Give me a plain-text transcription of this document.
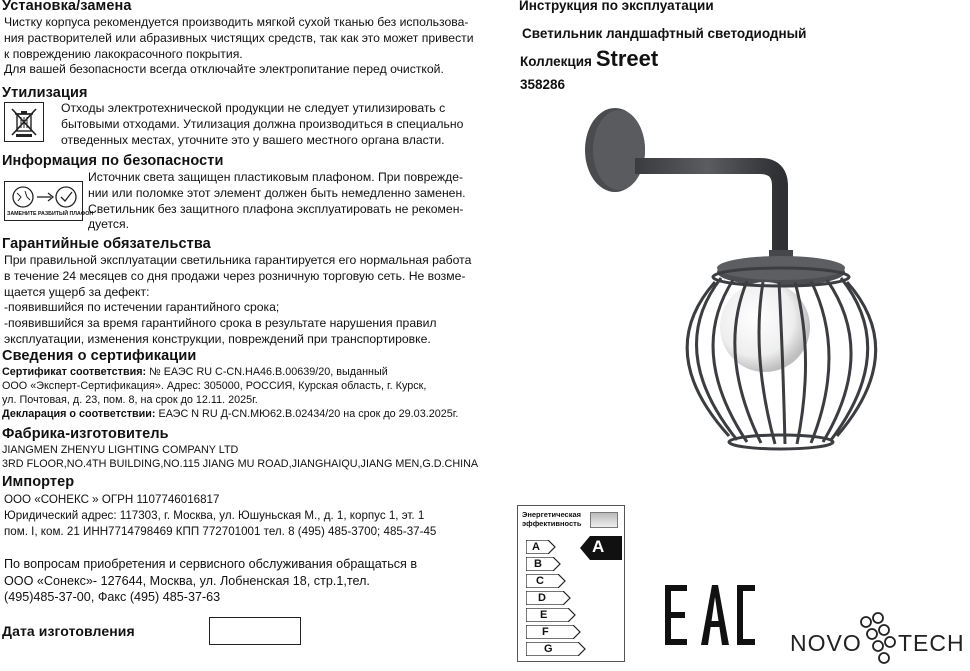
Установка/замена
Чистку корпуса рекомендуется производить мягкой сухой тканью без использова-
ния растворителей или абразивных чистящих средств, так как это может привести
к повреждению лакокрасочного покрытия.
Для вашей безопасности всегда отключайте электропитание перед очисткой.
Утилизация
Отходы электротехнической продукции не следует утилизировать с
бытовыми отходами. Утилизация должна производиться в специально
отведенных местах, уточните это у вашего местного органа власти.
Информация по безопасности
ЗАМЕНИТЕ РАЗБИТЫЙ ПЛАФОН
Источник света защищен пластиковым плафоном. При поврежде-
нии или поломке этот элемент должен быть немедленно заменен.
Светильник без защитного плафона эксплуатировать не рекомен-
дуется.
Гарантийные обязательства
При правильной эксплуатации светильника гарантируется его нормальная работа
в течение 24 месяцев со дня продажи через розничную торговую сеть. Не возме-
щается ущерб за дефект:
-появившийся по истечении гарантийного срока;
-появившийся за время гарантийного срока в результате нарушения правил
эксплуатации, изменения конструкции, повреждений при транспортировке.
Сведения о сертификации
Сертификат соответствия: № ЕАЭС RU C-CN.HA46.B.00639/20, выданный
ООО «Эксперт-Сертификация». Адрес: 305000, РОССИЯ, Курская область, г. Курск,
ул. Почтовая, д. 23, пом. 8, на срок до 12.11. 2025г.
Декларация о соответствии: ЕАЭС N RU Д-CN.МЮ62.В.02434/20 на срок до 29.03.2025г.
Фабрика-изготовитель
JIANGMEN ZHENYU LIGHTING COMPANY LTD
3RD FLOOR,NO.4TH BUILDING,NO.115 JIANG MU ROAD,JIANGHAIQU,JIANG MEN,G.D.CHINA
Импортер
ООО «СОНЕКС » ОГРН 1107746016817
Юридический адрес: 117303, г. Москва, ул. Юшуньская М., д. 1, корпус 1, эт. 1
пом. I, ком. 21 ИНН7714798469 КПП 772701001 тел. 8 (495) 485-3700; 485-37-45
По вопросам приобретения и сервисного обслуживания обращаться в
ООО «Сонекс»- 127644, Москва, ул. Лобненская 18, стр.1,тел.
(495)485-37-00, Факс (495) 485-37-63
Дата изготовления
Инструкция по эксплуатации
Светильник ландшафтный светодиодный
Коллекция Street
358286
Энергетическая
эффективность
A
B
C
D
E
F
G
A
NOVO TECH
